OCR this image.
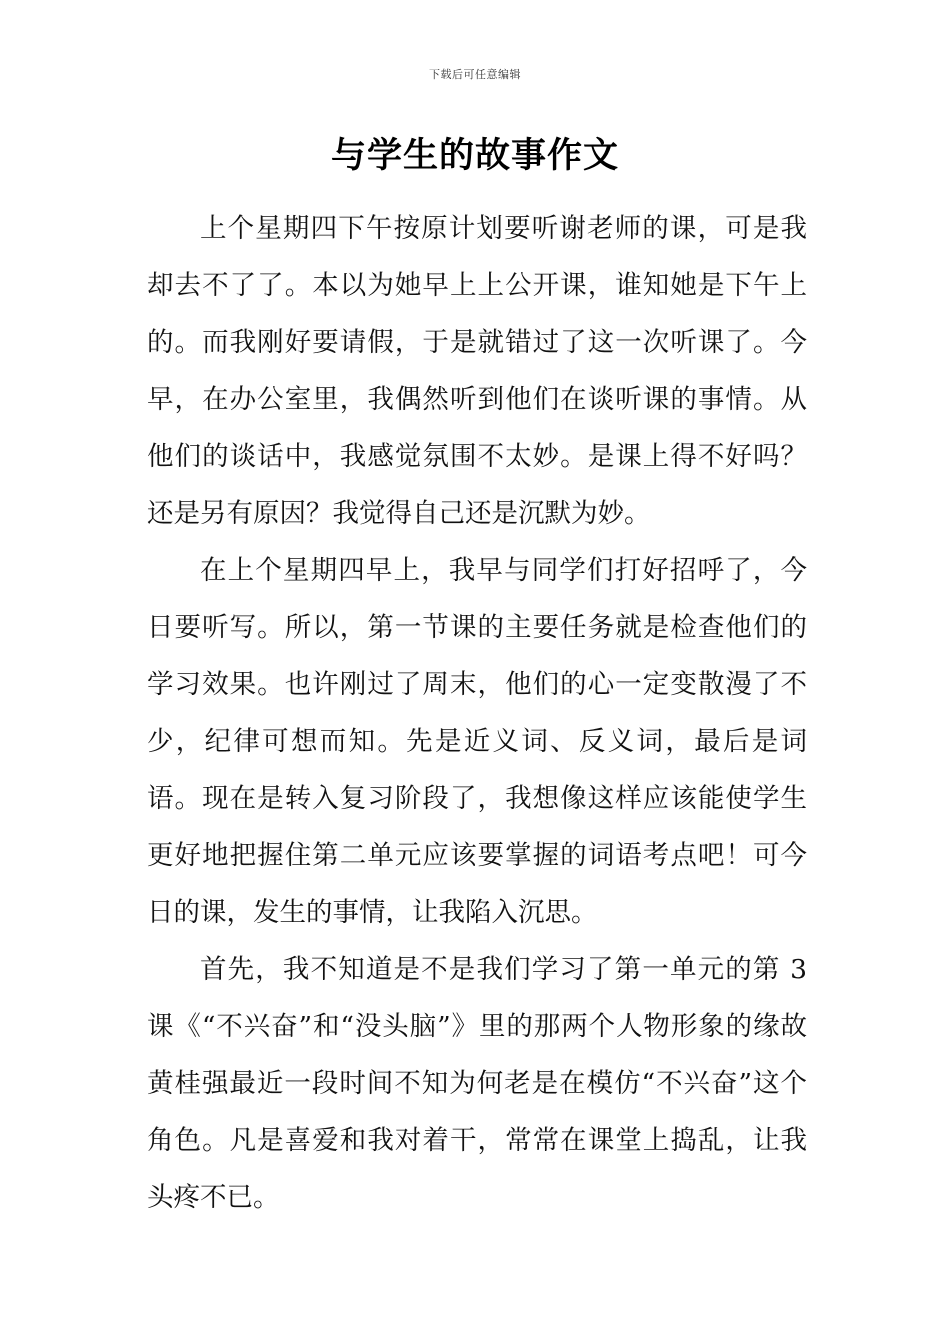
下载后可任意编辑
与学生的故事作文

上个星期四下午按原计划要听谢老师的课，可是我却去不了了。本以为她早上上公开课，谁知她是下午上的。而我刚好要请假，于是就错过了这一次听课了。今早，在办公室里，我偶然听到他们在谈听课的事情。从他们的谈话中，我感觉氛围不太妙。是课上得不好吗？还是另有原因？我觉得自己还是沉默为妙。

在上个星期四早上，我早与同学们打好招呼了，今日要听写。所以，第一节课的主要任务就是检查他们的学习效果。也许刚过了周末，他们的心一定变散漫了不少，纪律可想而知。先是近义词、反义词，最后是词语。现在是转入复习阶段了，我想像这样应该能使学生更好地把握住第二单元应该要掌握的词语考点吧！可今日的课，发生的事情，让我陷入沉思。

首先，我不知道是不是我们学习了第一单元的第 3 课《“不兴奋”和“没头脑”》里的那两个人物形象的缘故黄桂强最近一段时间不知为何老是在模仿“不兴奋”这个角色。凡是喜爱和我对着干，常常在课堂上捣乱，让我头疼不已。
